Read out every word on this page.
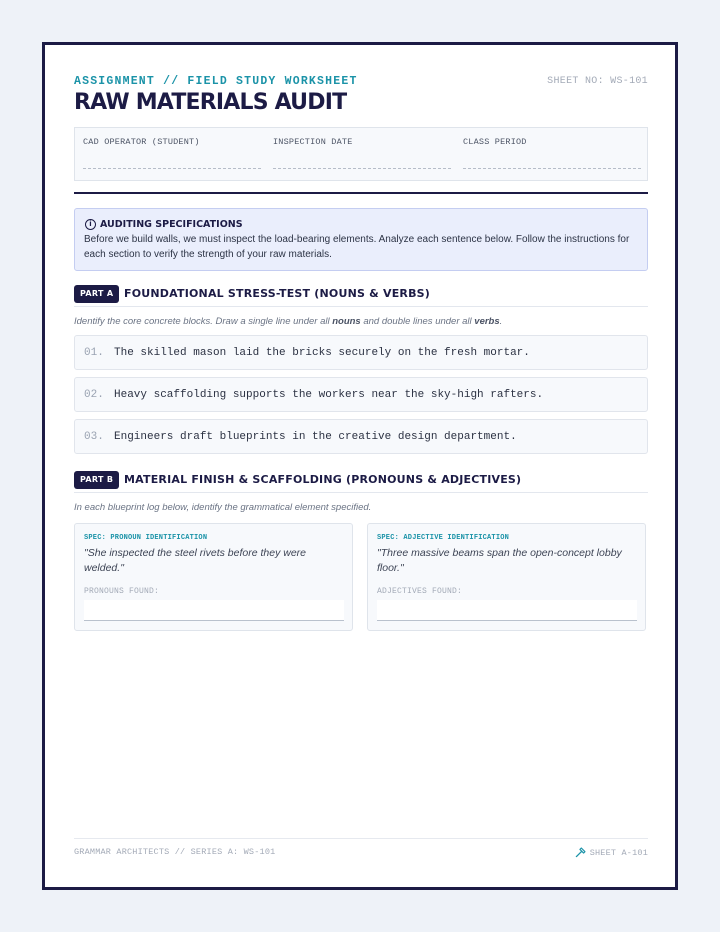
ASSIGNMENT // FIELD STUDY WORKSHEET	SHEET NO: WS-101
RAW MATERIALS AUDIT
CAD OPERATOR (STUDENT)	INSPECTION DATE	CLASS PERIOD
i AUDITING SPECIFICATIONS
Before we build walls, we must inspect the load-bearing elements. Analyze each sentence below. Follow the instructions for each section to verify the strength of your raw materials.
PART A FOUNDATIONAL STRESS-TEST (NOUNS & VERBS)
Identify the core concrete blocks. Draw a single line under all nouns and double lines under all verbs.
01. The skilled mason laid the bricks securely on the fresh mortar.
02. Heavy scaffolding supports the workers near the sky-high rafters.
03. Engineers draft blueprints in the creative design department.
PART B MATERIAL FINISH & SCAFFOLDING (PRONOUNS & ADJECTIVES)
In each blueprint log below, identify the grammatical element specified.
SPEC: PRONOUN IDENTIFICATION
"She inspected the steel rivets before they were welded."
PRONOUNS FOUND:
SPEC: ADJECTIVE IDENTIFICATION
"Three massive beams span the open-concept lobby floor."
ADJECTIVES FOUND:
GRAMMAR ARCHITECTS // SERIES A: WS-101	SHEET A-101
